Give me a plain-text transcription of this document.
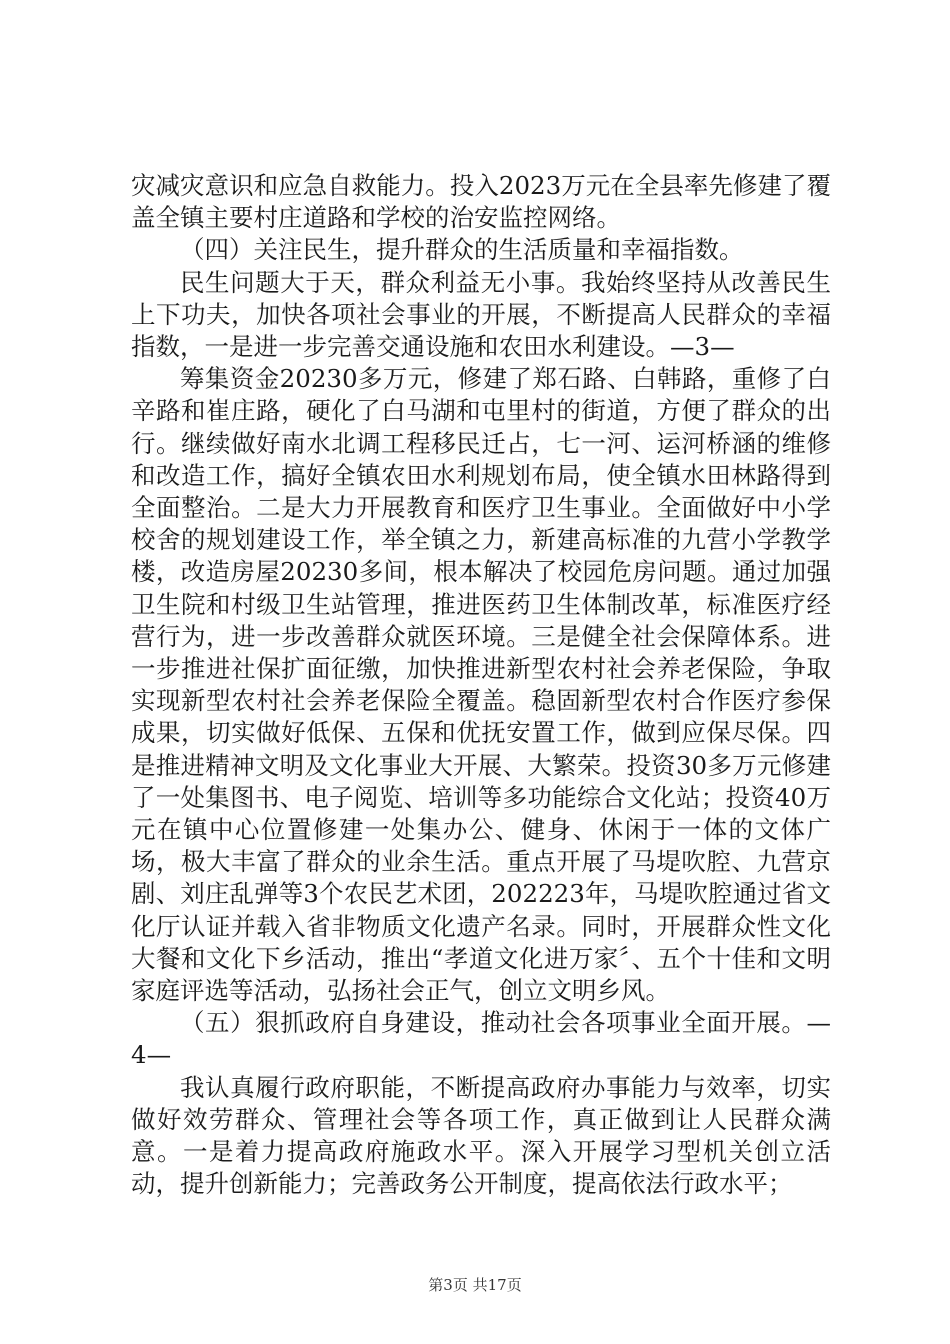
灾减灾意识和应急自救能力。投入2023万元在全县率先修建了覆盖全镇主要村庄道路和学校的治安监控网络。

（四）关注民生，提升群众的生活质量和幸福指数。

民生问题大于天，群众利益无小事。我始终坚持从改善民生上下功夫，加快各项社会事业的开展，不断提高人民群众的幸福指数，一是进一步完善交通设施和农田水利建设。—3—

筹集资金20230多万元，修建了郑石路、白韩路，重修了白辛路和崔庄路，硬化了白马湖和屯里村的街道，方便了群众的出行。继续做好南水北调工程移民迁占，七一河、运河桥涵的维修和改造工作，搞好全镇农田水利规划布局，使全镇水田林路得到全面整治。二是大力开展教育和医疗卫生事业。全面做好中小学校舍的规划建设工作，举全镇之力，新建高标准的九营小学教学楼，改造房屋20230多间，根本解决了校园危房问题。通过加强卫生院和村级卫生站管理，推进医药卫生体制改革，标准医疗经营行为，进一步改善群众就医环境。三是健全社会保障体系。进一步推进社保扩面征缴，加快推进新型农村社会养老保险，争取实现新型农村社会养老保险全覆盖。稳固新型农村合作医疗参保成果，切实做好低保、五保和优抚安置工作，做到应保尽保。四是推进精神文明及文化事业大开展、大繁荣。投资30多万元修建了一处集图书、电子阅览、培训等多功能综合文化站；投资40万元在镇中心位置修建一处集办公、健身、休闲于一体的文体广场，极大丰富了群众的业余生活。重点开展了马堤吹腔、九营京剧、刘庄乱弹等3个农民艺术团，202223年，马堤吹腔通过省文化厅认证并载入省非物质文化遗产名录。同时，开展群众性文化大餐和文化下乡活动，推出“孝道文化进万家〞、五个十佳和文明家庭评选等活动，弘扬社会正气，创立文明乡风。

（五）狠抓政府自身建设，推动社会各项事业全面开展。—4—

我认真履行政府职能，不断提高政府办事能力与效率，切实做好效劳群众、管理社会等各项工作，真正做到让人民群众满意。一是着力提高政府施政水平。深入开展学习型机关创立活动，提升创新能力；完善政务公开制度，提高依法行政水平；

第3页 共17页
